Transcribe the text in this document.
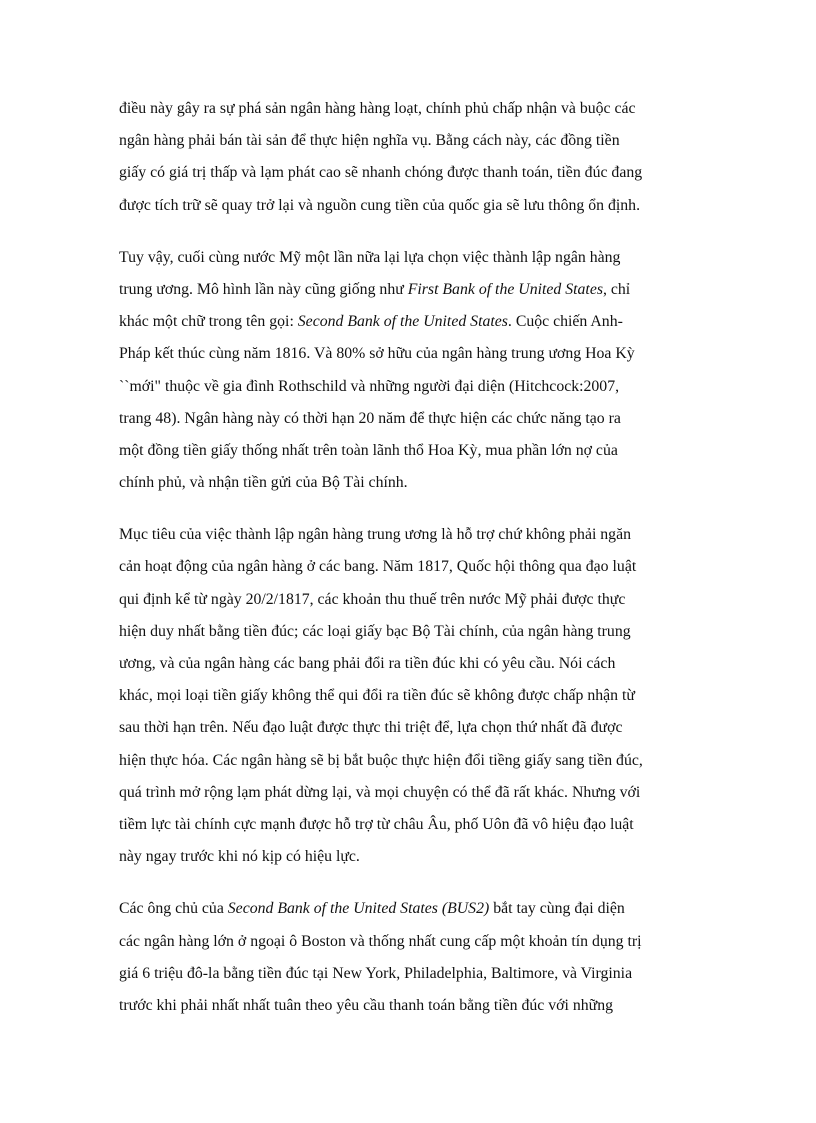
điều này gây ra sự phá sản ngân hàng hàng loạt, chính phủ chấp nhận và buộc các
ngân hàng phải bán tài sản để thực hiện nghĩa vụ. Bằng cách này, các đồng tiền
giấy có giá trị thấp và lạm phát cao sẽ nhanh chóng được thanh toán, tiền đúc đang
được tích trữ sẽ quay trở lại và nguồn cung tiền của quốc gia sẽ lưu thông ổn định.

Tuy vậy, cuối cùng nước Mỹ một lần nữa lại lựa chọn việc thành lập ngân hàng
trung ương. Mô hình lần này cũng giống như First Bank of the United States, chỉ
khác một chữ trong tên gọi: Second Bank of the United States. Cuộc chiến Anh-
Pháp kết thúc cùng năm 1816. Và 80% sở hữu của ngân hàng trung ương Hoa Kỳ
``mới" thuộc về gia đình Rothschild và những người đại diện (Hitchcock:2007,
trang 48). Ngân hàng này có thời hạn 20 năm để thực hiện các chức năng tạo ra
một đồng tiền giấy thống nhất trên toàn lãnh thổ Hoa Kỳ, mua phần lớn nợ của
chính phủ, và nhận tiền gửi của Bộ Tài chính.

Mục tiêu của việc thành lập ngân hàng trung ương là hỗ trợ chứ không phải ngăn
cản hoạt động của ngân hàng ở các bang. Năm 1817, Quốc hội thông qua đạo luật
qui định kể từ ngày 20/2/1817, các khoản thu thuế trên nước Mỹ phải được thực
hiện duy nhất bằng tiền đúc; các loại giấy bạc Bộ Tài chính, của ngân hàng trung
ương, và của ngân hàng các bang phải đổi ra tiền đúc khi có yêu cầu. Nói cách
khác, mọi loại tiền giấy không thể qui đổi ra tiền đúc sẽ không được chấp nhận từ
sau thời hạn trên. Nếu đạo luật được thực thi triệt để, lựa chọn thứ nhất đã được
hiện thực hóa. Các ngân hàng sẽ bị bắt buộc thực hiện đổi tiềng giấy sang tiền đúc,
quá trình mở rộng lạm phát dừng lại, và mọi chuyện có thể đã rất khác. Nhưng với
tiềm lực tài chính cực mạnh được hỗ trợ từ châu Âu, phố Uôn đã vô hiệu đạo luật
này ngay trước khi nó kịp có hiệu lực.

Các ông chủ của Second Bank of the United States (BUS2) bắt tay cùng đại diện
các ngân hàng lớn ở ngoại ô Boston và thống nhất cung cấp một khoản tín dụng trị
giá 6 triệu đô-la bằng tiền đúc tại New York, Philadelphia, Baltimore, và Virginia
trước khi phải nhất nhất tuân theo yêu cầu thanh toán bằng tiền đúc với những
